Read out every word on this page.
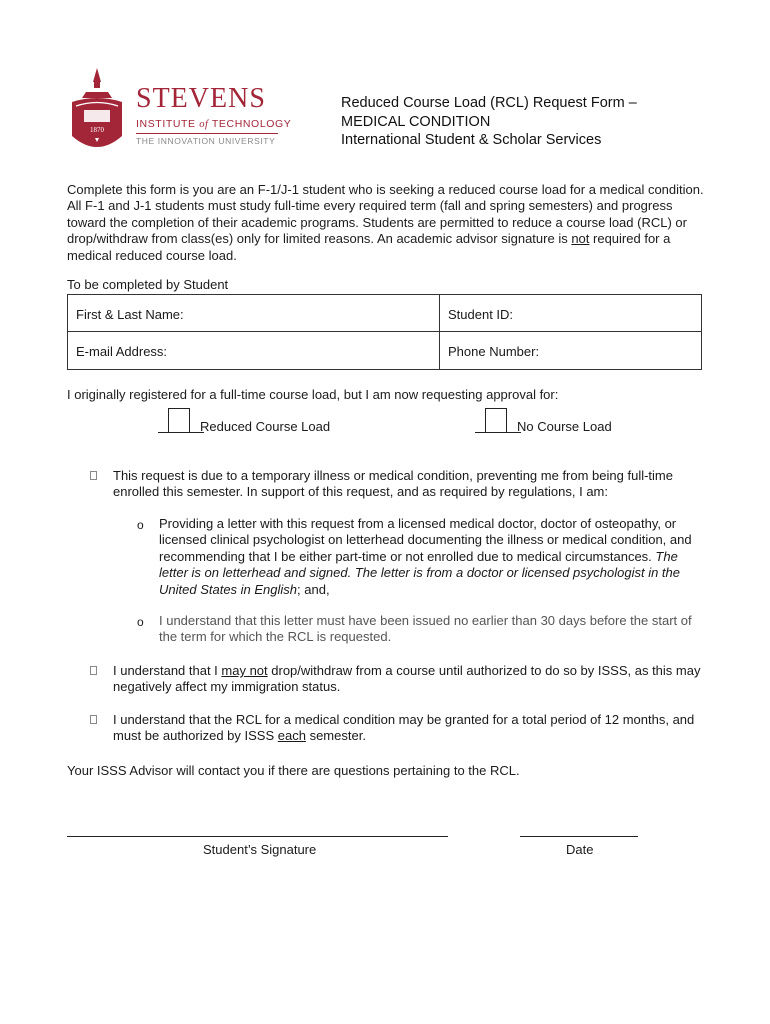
1870
STEVENS
INSTITUTE of TECHNOLOGY
THE INNOVATION UNIVERSITY
Reduced Course Load (RCL) Request Form –
MEDICAL CONDITION
International Student & Scholar Services
Complete this form is you are an F-1/J-1 student who is seeking a reduced course load for a medical condition. All F-1 and J-1 students must study full-time every required term (fall and spring semesters) and progress toward the completion of their academic programs. Students are permitted to reduce a course load (RCL) or drop/withdraw from class(es) only for limited reasons. An academic advisor signature is not required for a medical reduced course load.
To be completed by Student
First & Last Name:	Student ID:
E-mail Address:	Phone Number:
I originally registered for a full-time course load, but I am now requesting approval for:
Reduced Course Load	No Course Load
This request is due to a temporary illness or medical condition, preventing me from being full-time enrolled this semester. In support of this request, and as required by regulations, I am:
o Providing a letter with this request from a licensed medical doctor, doctor of osteopathy, or licensed clinical psychologist on letterhead documenting the illness or medical condition, and recommending that I be either part-time or not enrolled due to medical circumstances. The letter is on letterhead and signed. The letter is from a doctor or licensed psychologist in the United States in English; and,
o I understand that this letter must have been issued no earlier than 30 days before the start of the term for which the RCL is requested.
I understand that I may not drop/withdraw from a course until authorized to do so by ISSS, as this may negatively affect my immigration status.
I understand that the RCL for a medical condition may be granted for a total period of 12 months, and must be authorized by ISSS each semester.
Your ISSS Advisor will contact you if there are questions pertaining to the RCL.
Student’s Signature	Date
